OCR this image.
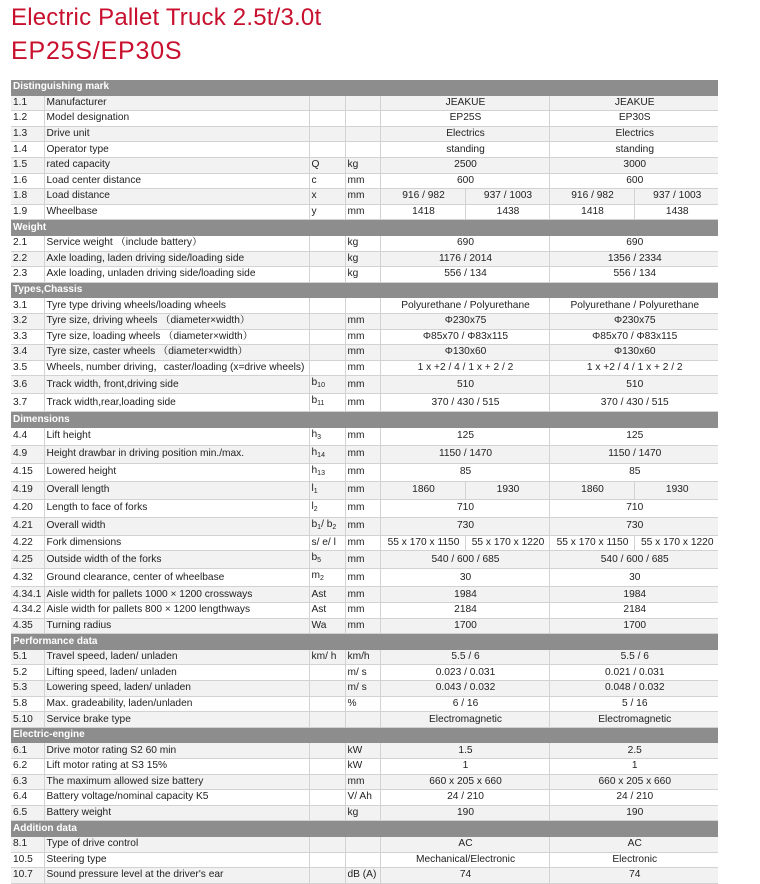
Electric Pallet Truck 2.5t/3.0t
EP25S/EP30S
Distinguishing mark							
1.1	Manufacturer			JEAKUE		JEAKUE	
1.2	Model designation			EP25S		EP30S	
1.3	Drive unit			Electrics		Electrics	
1.4	Operator type			standing		standing	
1.5	rated capacity	Q	kg	2500		3000	
1.6	Load center distance	c	mm	600		600	
1.8	Load distance	x	mm	916 / 982	937 / 1003	916 / 982	937 / 1003
1.9	Wheelbase	y	mm	1418	1438	1418	1438
Weight							
2.1	Service weight （include battery）		kg	690		690	
2.2	Axle loading, laden driving side/loading side		kg	1176 / 2014		1356 / 2334	
2.3	Axle loading, unladen driving side/loading side		kg	556 / 134		556 / 134	
Types,Chassis							
3.1	Tyre type driving wheels/loading wheels			Polyurethane / Polyurethane		Polyurethane / Polyurethane	
3.2	Tyre size, driving wheels （diameter×width）		mm	Φ230x75		Φ230x75	
3.3	Tyre size, loading wheels （diameter×width）		mm	Φ85x70 / Φ83x115		Φ85x70 / Φ83x115	
3.4	Tyre size, caster wheels （diameter×width）		mm	Φ130x60		Φ130x60	
3.5	Wheels, number driving，caster/loading (x=drive wheels)		mm	1 x +2 / 4 / 1 x + 2 / 2		1 x +2 / 4 / 1 x + 2 / 2	
3.6	Track width, front,driving side	$b_{10}$	mm	510		510	
3.7	Track width,rear,loading side	$b_{11}$	mm	370 / 430 / 515		370 / 430 / 515	
Dimensions							
4.4	Lift height	$h_3$	mm	125		125	
4.9	Height drawbar in driving position min./max.	$h_{14}$	mm	1150 / 1470		1150 / 1470	
4.15	Lowered height	$h_{13}$	mm	85		85	
4.19	Overall length	$l_1$	mm	1860	1930	1860	1930
4.20	Length to face of forks	$l_2$	mm	710		710	
4.21	Overall width	$b_1/$ $b_2$	mm	730		730	
4.22	Fork dimensions	s/ e/ l	mm	55 x 170 x 1150	55 x 170 x 1220	55 x 170 x 1150	55 x 170 x 1220
4.25	Outside width of the forks	$b_5$	mm	540 / 600 / 685		540 / 600 / 685	
4.32	Ground clearance, center of wheelbase	$m_2$	mm	30		30	
4.34.1	Aisle width for pallets 1000 × 1200 crossways	Ast	mm	1984		1984	
4.34.2	Aisle width for pallets 800 × 1200 lengthways	Ast	mm	2184		2184	
4.35	Turning radius	Wa	mm	1700		1700	
Performance data							
5.1	Travel speed, laden/ unladen	km/ h	km/h	5.5 / 6		5.5 / 6	
5.2	Lifting speed, laden/ unladen		m/ s	0.023 / 0.031		0.021 / 0.031	
5.3	Lowering speed, laden/ unladen		m/ s	0.043 / 0.032		0.048 / 0.032	
5.8	Max. gradeability, laden/unladen		%	6 / 16		5 / 16	
5.10	Service brake type			Electromagnetic		Electromagnetic	
Electric-engine							
6.1	Drive motor rating S2 60 min		kW	1.5		2.5	
6.2	Lift motor rating at S3 15%		kW	1		1	
6.3	The maximum allowed size battery		mm	660 x 205 x 660		660 x 205 x 660	
6.4	Battery voltage/nominal capacity K5		V/ Ah	24 / 210		24 / 210	
6.5	Battery weight		kg	190		190	
Addition data							
8.1	Type of drive control			AC		AC	
10.5	Steering type			Mechanical/Electronic		Electronic	
10.7	Sound pressure level at the driver's ear		dB (A)	74		74	
